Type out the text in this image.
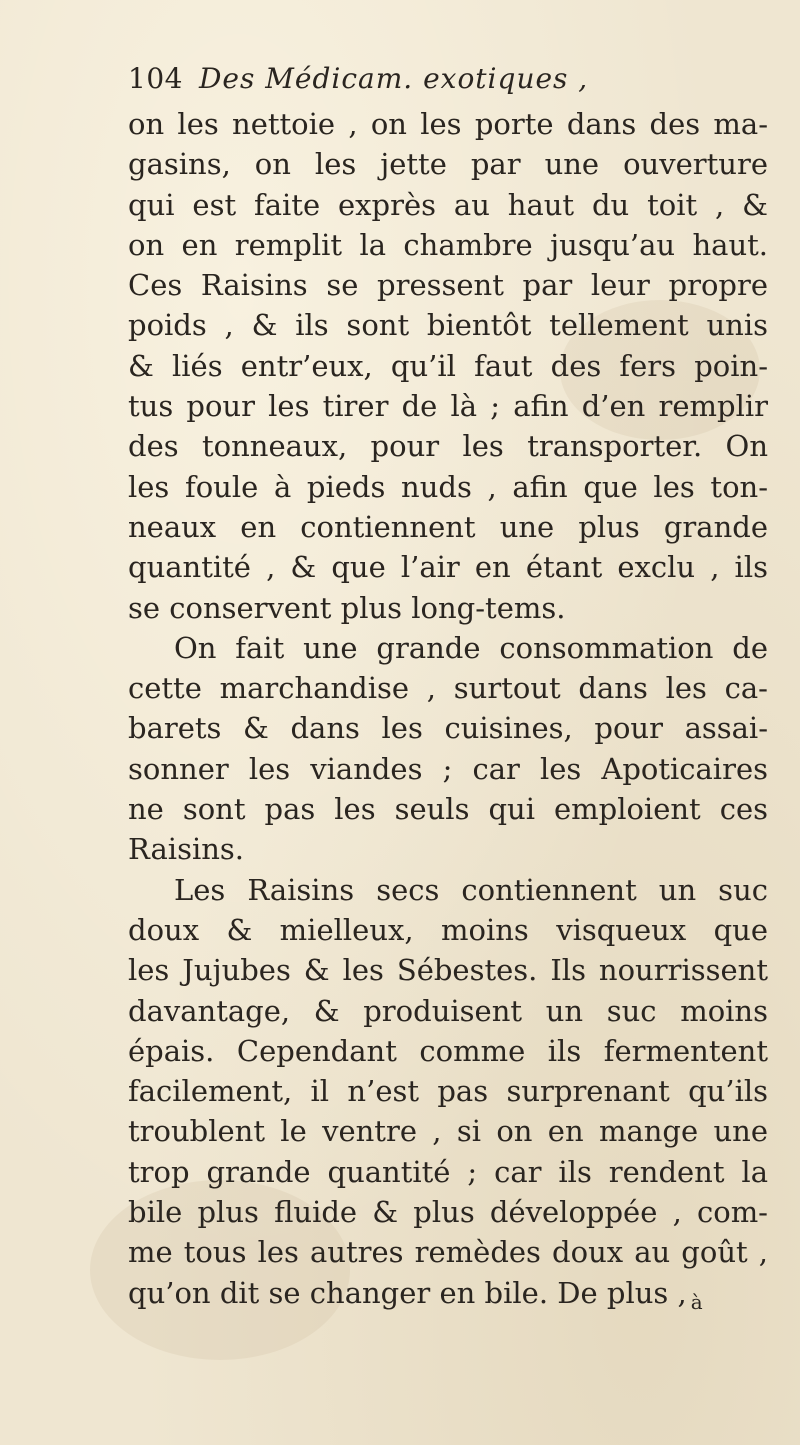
104 Des Médicam. exotiques ,
on les nettoie , on les porte dans des ma-
gasins, on les jette par une ouverture
qui est faite exprès au haut du toit , &
on en remplit la chambre jusqu’au haut.
Ces Raisins se pressent par leur propre
poids , & ils sont bientôt tellement unis
& liés entr’eux, qu’il faut des fers poin-
tus pour les tirer de là ; afin d’en remplir
des tonneaux, pour les transporter. On
les foule à pieds nuds , afin que les ton-
neaux en contiennent une plus grande
quantité , & que l’air en étant exclu , ils
se conservent plus long-tems.
On fait une grande consommation de
cette marchandise , surtout dans les ca-
barets & dans les cuisines, pour assai-
sonner les viandes ; car les Apoticaires
ne sont pas les seuls qui emploient ces
Raisins.
Les Raisins secs contiennent un suc
doux & mielleux, moins visqueux que
les Jujubes & les Sébestes. Ils nourrissent
davantage, & produisent un suc moins
épais. Cependant comme ils fermentent
facilement, il n’est pas surprenant qu’ils
troublent le ventre , si on en mange une
trop grande quantité ; car ils rendent la
bile plus fluide & plus développée , com-
me tous les autres remèdes doux au goût ,
qu’on dit se changer en bile. De plus , $_à$
